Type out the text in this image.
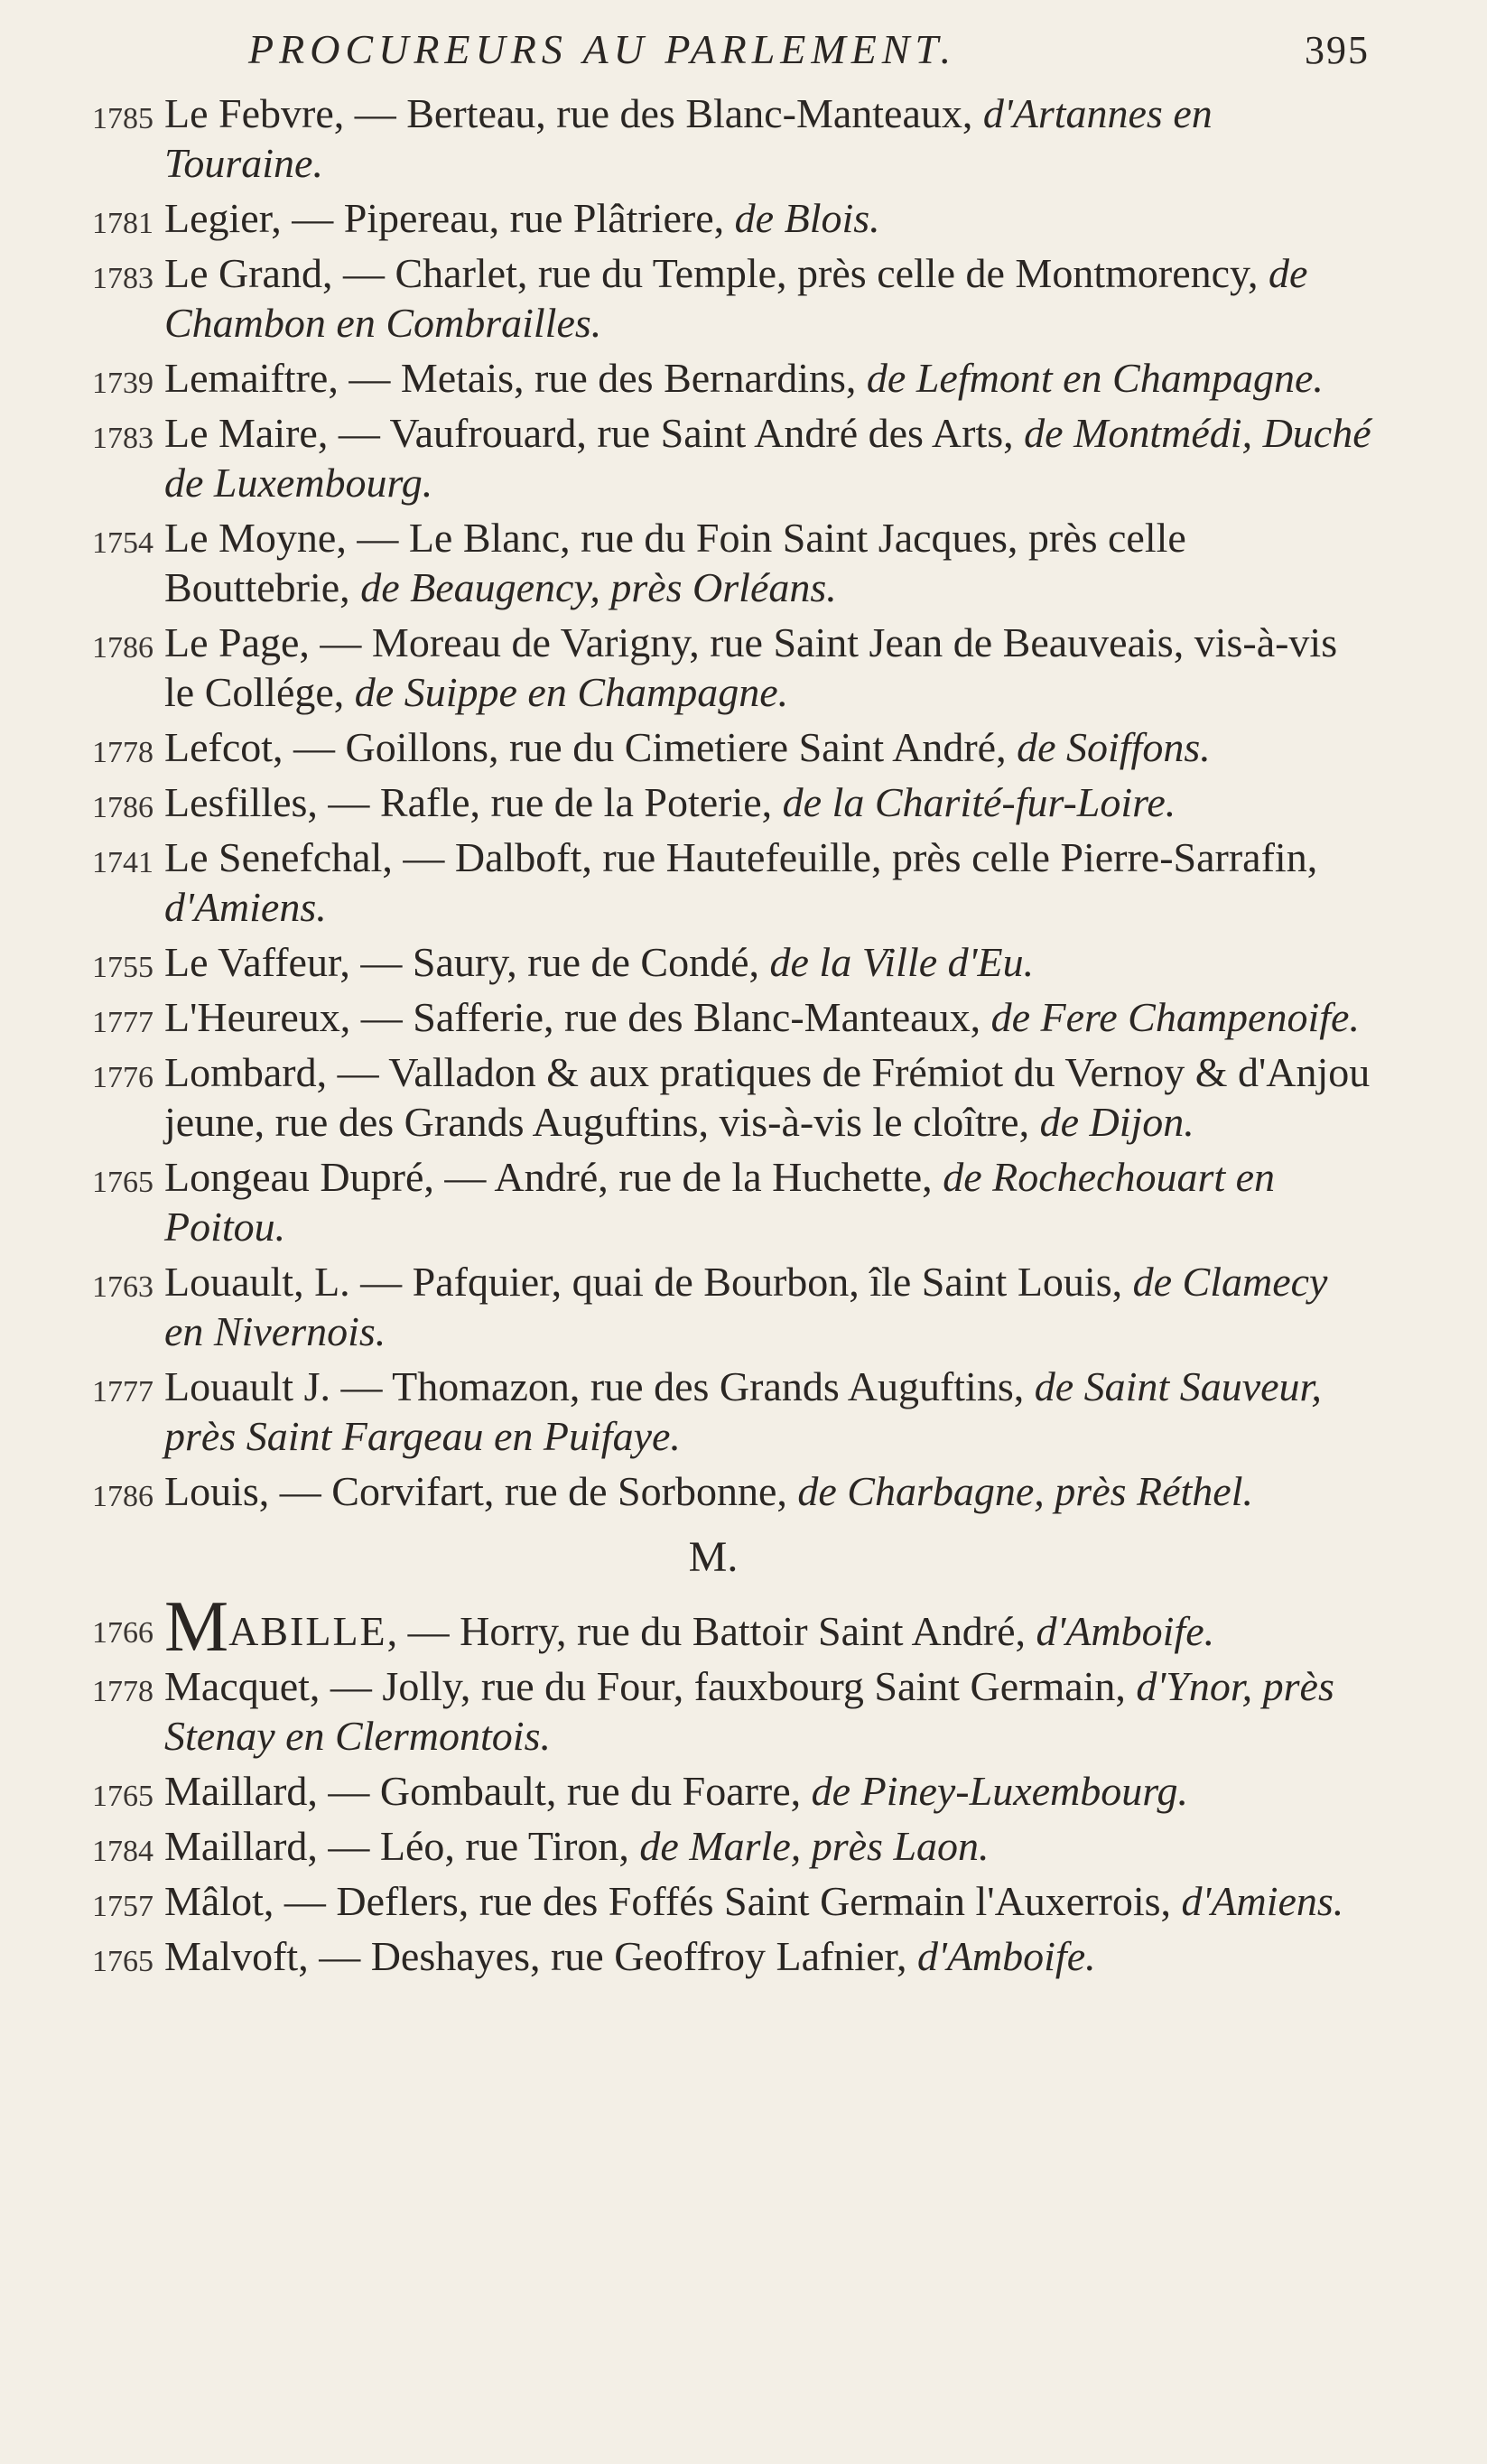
PROCUREURS AU PARLEMENT.	395
1785 Le Febvre, — Berteau, rue des Blanc-Manteaux, d'Artannes en Touraine.
1781 Legier, — Pipereau, rue Plâtriere, de Blois.
1783 Le Grand, — Charlet, rue du Temple, près celle de Montmorency, de Chambon en Combrailles.
1739 Lemaiftre, — Metais, rue des Bernardins, de Lefmont en Champagne.
1783 Le Maire, — Vaufrouard, rue Saint André des Arts, de Montmédi, Duché de Luxembourg.
1754 Le Moyne, — Le Blanc, rue du Foin Saint Jacques, près celle Bouttebrie, de Beaugency, près Orléans.
1786 Le Page, — Moreau de Varigny, rue Saint Jean de Beauveais, vis-à-vis le Collége, de Suippe en Champagne.
1778 Lefcot, — Goillons, rue du Cimetiere Saint André, de Soiffons.
1786 Lesfilles, — Rafle, rue de la Poterie, de la Charité-fur-Loire.
1741 Le Senefchal, — Dalboft, rue Hautefeuille, près celle Pierre-Sarrafin, d'Amiens.
1755 Le Vaffeur, — Saury, rue de Condé, de la Ville d'Eu.
1777 L'Heureux, — Safferie, rue des Blanc-Manteaux, de Fere Champenoife.
1776 Lombard, — Valladon & aux pratiques de Frémiot du Vernoy & d'Anjou jeune, rue des Grands Auguftins, vis-à-vis le cloître, de Dijon.
1765 Longeau Dupré, — André, rue de la Huchette, de Rochechouart en Poitou.
1763 Louault, L. — Pafquier, quai de Bourbon, île Saint Louis, de Clamecy en Nivernois.
1777 Louault J. — Thomazon, rue des Grands Auguftins, de Saint Sauveur, près Saint Fargeau en Puifaye.
1786 Louis, — Corvifart, rue de Sorbonne, de Charbagne, près Réthel.
M.
1766 MABILLE, — Horry, rue du Battoir Saint André, d'Amboife.
1778 Macquet, — Jolly, rue du Four, fauxbourg Saint Germain, d'Ynor, près Stenay en Clermontois.
1765 Maillard, — Gombault, rue du Foarre, de Piney-Luxembourg.
1784 Maillard, — Léo, rue Tiron, de Marle, près Laon.
1757 Mâlot, — Deflers, rue des Foffés Saint Germain l'Auxerrois, d'Amiens.
1765 Malvoft, — Deshayes, rue Geoffroy Lafnier, d'Amboife.
